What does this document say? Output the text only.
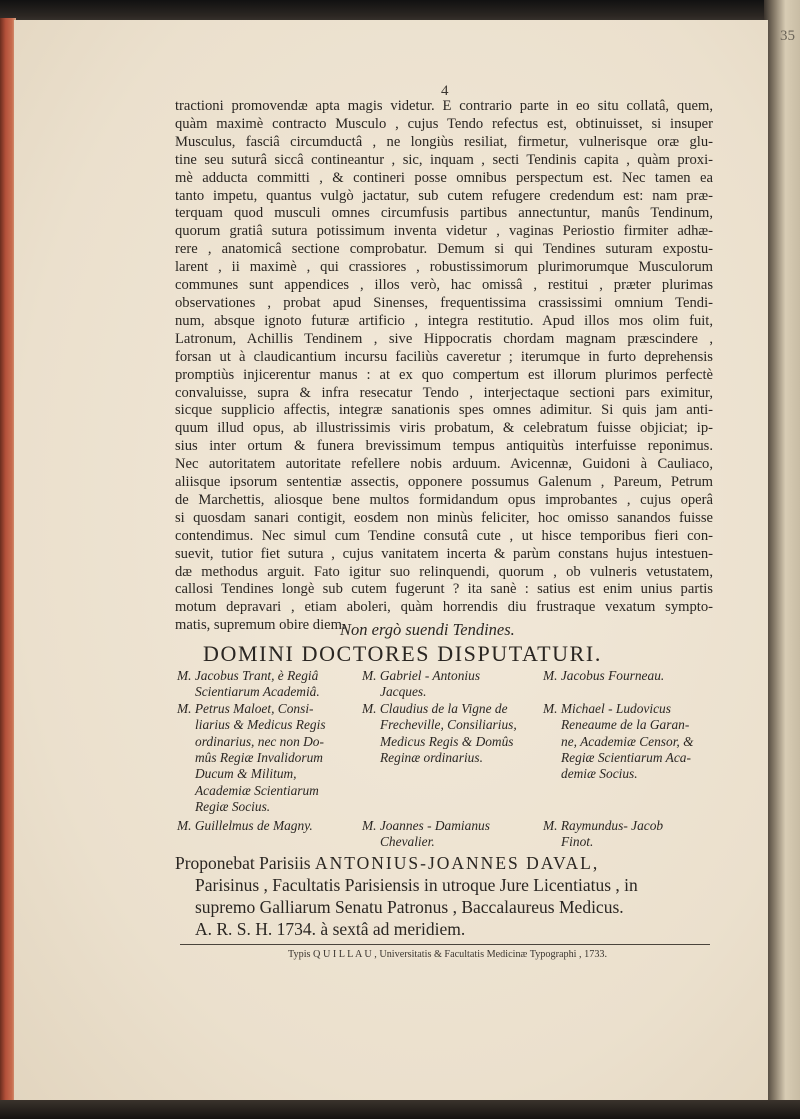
35
4
tractioni promovendæ apta magis videtur. E contrario parte in eo situ collatâ, quem,
quàm maximè contracto Musculo , cujus Tendo refectus est, obtinuisset, si insuper
Musculus, fasciâ circumductâ , ne longiùs resiliat, firmetur, vulnerisque oræ glu-
tine seu suturâ siccâ contineantur , sic, inquam , secti Tendinis capita , quàm proxi-
mè adducta committi , & contineri posse omnibus perspectum est. Nec tamen ea
tanto impetu, quantus vulgò jactatur, sub cutem refugere credendum est: nam præ-
terquam quod musculi omnes circumfusis partibus annectuntur, manûs Tendinum,
quorum gratiâ sutura potissimum inventa videtur , vaginas Periostio firmiter adhæ-
rere , anatomicâ sectione comprobatur. Demum si qui Tendines suturam expostu-
larent , ii maximè , qui crassiores , robustissimorum plurimorumque Musculorum
communes sunt appendices , illos verò, hac omissâ , restitui , præter plurimas
observationes , probat apud Sinenses, frequentissima crassissimi omnium Tendi-
num, absque ignoto futuræ artificio , integra restitutio. Apud illos mos olim fuit,
Latronum, Achillis Tendinem , sive Hippocratis chordam magnam præscindere ,
forsan ut à claudicantium incursu faciliùs caveretur ; iterumque in furto deprehensis
promptiùs injicerentur manus : at ex quo compertum est illorum plurimos perfectè
convaluisse, supra & infra resecatur Tendo , interjectaque sectioni pars eximitur,
sicque supplicio affectis, integræ sanationis spes omnes adimitur. Si quis jam anti-
quum illud opus, ab illustrissimis viris probatum, & celebratum fuisse objiciat; ip-
sius inter ortum & funera brevissimum tempus antiquitùs interfuisse reponimus.
Nec autoritatem autoritate refellere nobis arduum. Avicennæ, Guidoni à Cauliaco,
aliisque ipsorum sententiæ assectis, opponere possumus Galenum , Pareum, Petrum
de Marchettis, aliosque bene multos formidandum opus improbantes , cujus operâ
si quosdam sanari contigit, eosdem non minùs feliciter, hoc omisso sanandos fuisse
contendimus. Nec simul cum Tendine consutâ cute , ut hisce temporibus fieri con-
suevit, tutior fiet sutura , cujus vanitatem incerta & parùm constans hujus intestuen-
dæ methodus arguit. Fato igitur suo relinquendi, quorum , ob vulneris vetustatem,
callosi Tendines longè sub cutem fugerunt ? ita sanè : satius est enim unius partis
motum depravari , etiam aboleri, quàm horrendis diu frustraque vexatum sympto-
matis, supremum obire diem.
Non ergò suendi Tendines.
DOMINI DOCTORES DISPUTATURI.
M. Jacobus Trant, è Regiâ
Scientiarum Academiâ.
M. Petrus Maloet, Consi-
liarius & Medicus Regis
ordinarius, nec non Do-
mûs Regiæ Invalidorum
Ducum & Militum,
Academiæ Scientiarum
Regiæ Socius.
M. Gabriel - Antonius
Jacques.
M. Claudius de la Vigne de
Frecheville, Consiliarius,
Medicus Regis & Domûs
Reginæ ordinarius.
M. Jacobus Fourneau.

M. Michael - Ludovicus
Reneaume de la Garan-
ne, Academiæ Censor, &
Regiæ Scientiarum Aca-
demiæ Socius.
M. Guillelmus de Magny.	M. Joannes - Damianus
Chevalier.
M. Raymundus- Jacob
Finot.
Proponebat Parisiis ANTONIUS-JOANNES DAVAL,
Parisinus , Facultatis Parisiensis in utroque Jure Licentiatus , in
supremo Galliarum Senatu Patronus , Baccalaureus Medicus.
A. R. S. H. 1734. à sextâ ad meridiem.
Typis Q U I L L A U , Universitatis & Facultatis Medicinæ Typographi , 1733.
